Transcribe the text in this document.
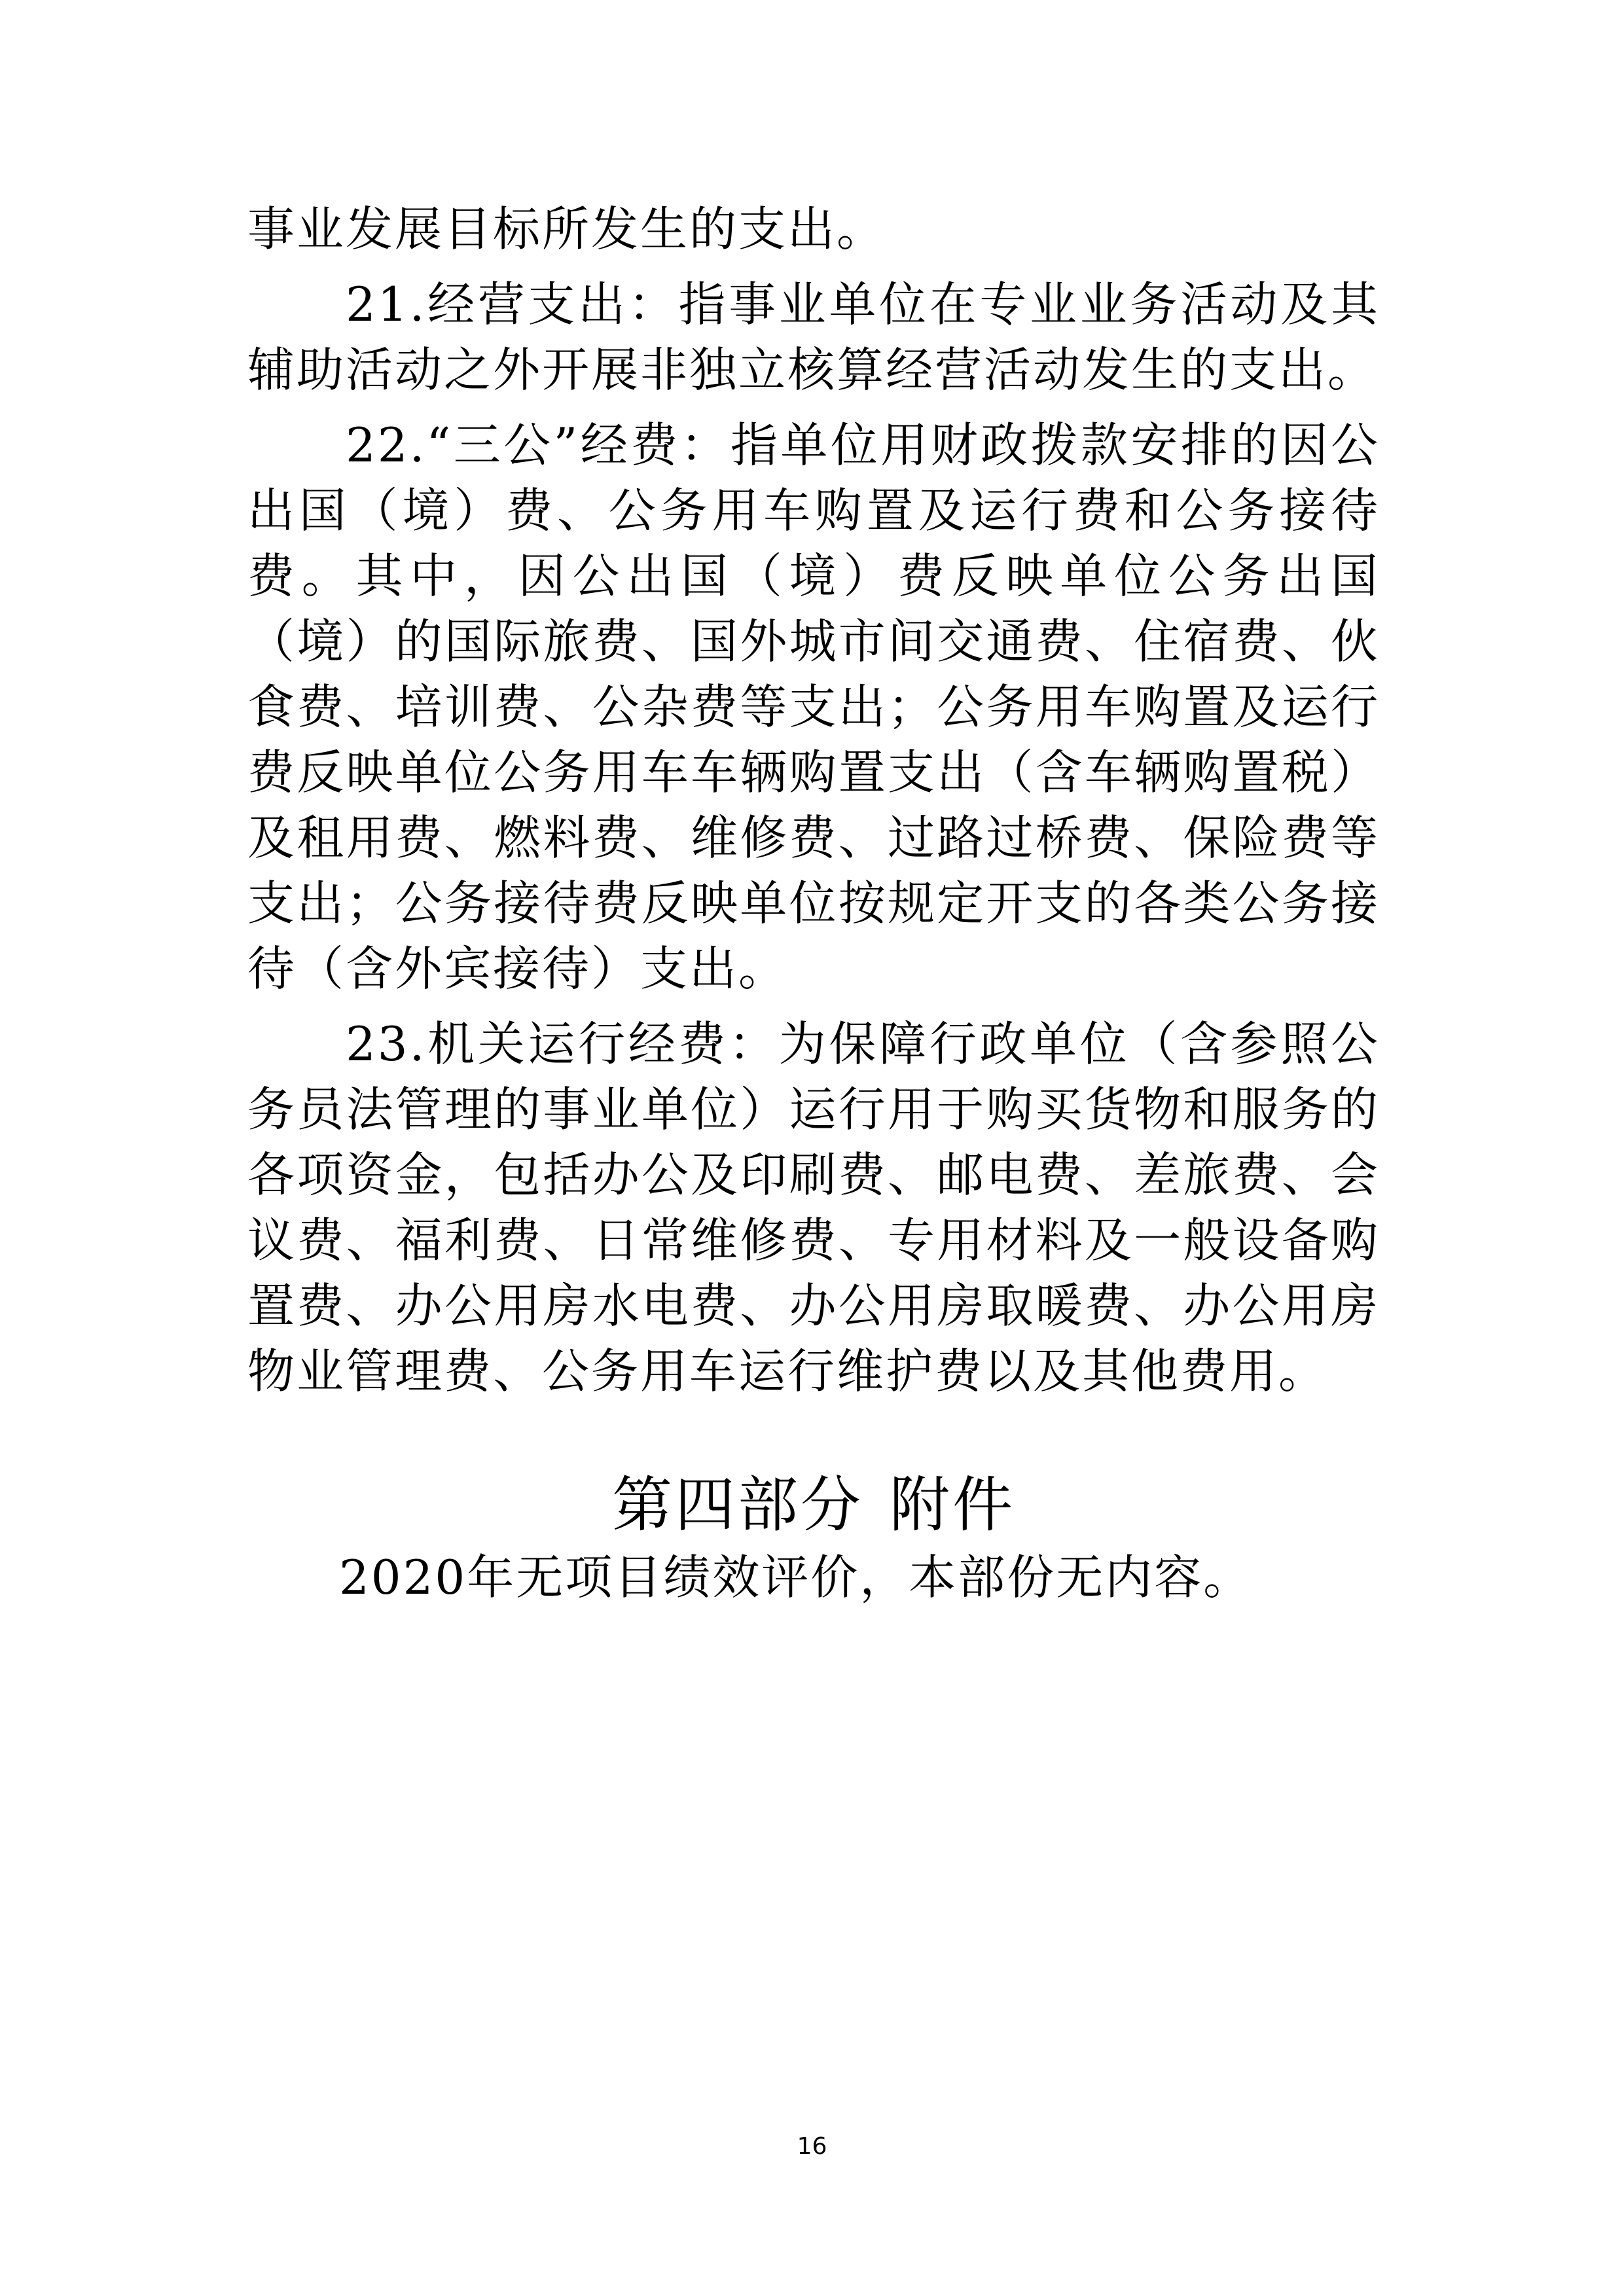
事业发展目标所发生的支出。

21.经营支出：指事业单位在专业业务活动及其辅助活动之外开展非独立核算经营活动发生的支出。

22.“三公”经费：指单位用财政拨款安排的因公出国（境）费、公务用车购置及运行费和公务接待费。其中，因公出国（境）费反映单位公务出国（境）的国际旅费、国外城市间交通费、住宿费、伙食费、培训费、公杂费等支出；公务用车购置及运行费反映单位公务用车车辆购置支出（含车辆购置税）及租用费、燃料费、维修费、过路过桥费、保险费等支出；公务接待费反映单位按规定开支的各类公务接待（含外宾接待）支出。

23.机关运行经费：为保障行政单位（含参照公务员法管理的事业单位）运行用于购买货物和服务的各项资金，包括办公及印刷费、邮电费、差旅费、会议费、福利费、日常维修费、专用材料及一般设备购置费、办公用房水电费、办公用房取暖费、办公用房物业管理费、公务用车运行维护费以及其他费用。

第四部分 附件

2020年无项目绩效评价，本部份无内容。

16
